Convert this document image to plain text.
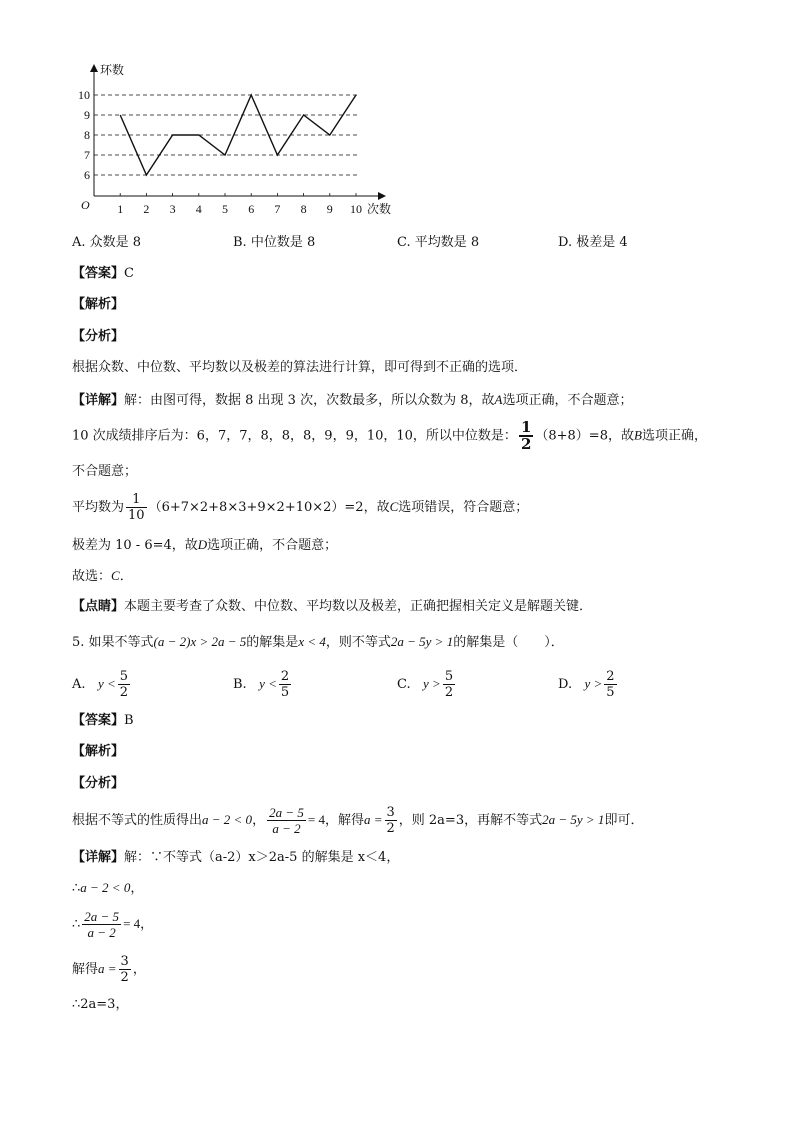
环数
次数
O
6
7
8
9
10
1 2 3 4 5 6 7 8 9 10
A. 众数是 8	B. 中位数是 8	C. 平均数是 8	D. 极差是 4
【答案】C
【解析】
【分析】
根据众数、中位数、平均数以及极差的算法进行计算，即可得到不正确的选项．
【详解】解：由图可得，数据 8 出现 3 次，次数最多，所以众数为 8，故A选项正确，不合题意；
10 次成绩排序后为：6，7，7，8，8，8，9，9，10，10，所以中位数是： $\frac{1}{2} (8+8)=8$，故B选项正确，
不合题意；
平均数为 $\frac{1}{10} (6+7\times 2+8\times 3+9\times 2+10\times 2)=2$，故C选项错误，符合题意；
极差为 10 - 6=4，故D选项正确，不合题意；
故选：C．
【点睛】本题主要考查了众数、中位数、平均数以及极差，正确把握相关定义是解题关键．
5. 如果不等式(a − 2)x > 2a − 5的解集是x < 4，则不等式2a − 5y > 1的解集是（　　）．
A. $y < \frac{5}{2}$	B. $y < \frac{2}{5}$	C. $y > \frac{5}{2}$	D. $y > \frac{2}{5}$
【答案】B
【解析】
【分析】
根据不等式的性质得出a − 2 < 0， $\frac{2a - 5}{a - 2} = 4$，解得$a = \frac{3}{2}$ ，则 2a=3，再解不等式2a − 5y > 1即可．
【详解】解：∵不等式（a-2）x＞2a-5 的解集是 x＜4，
∴a − 2 < 0，
∴ $\frac{2a - 5}{a - 2} = 4$，
解得$a = \frac{3}{2}$ ，
∴2a=3，
